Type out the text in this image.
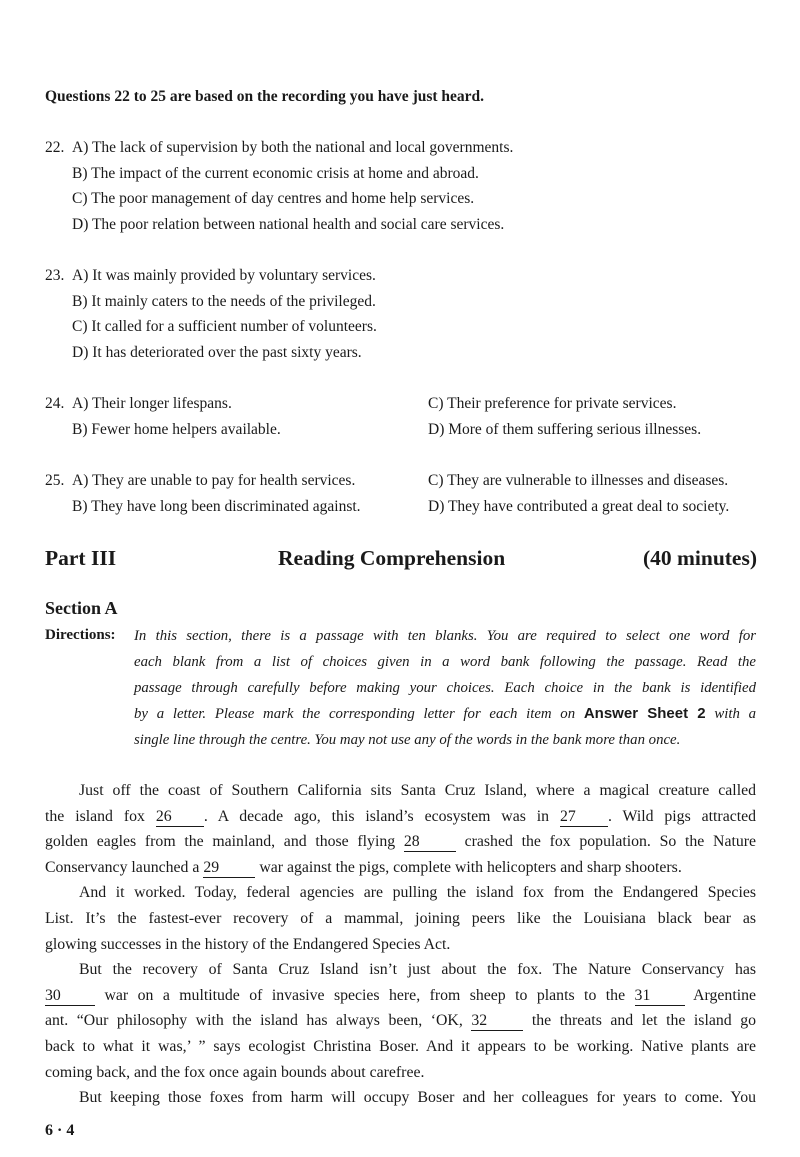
Questions 22 to 25 are based on the recording you have just heard.
22. A) The lack of supervision by both the national and local governments.
B) The impact of the current economic crisis at home and abroad.
C) The poor management of day centres and home help services.
D) The poor relation between national health and social care services.
23. A) It was mainly provided by voluntary services.
B) It mainly caters to the needs of the privileged.
C) It called for a sufficient number of volunteers.
D) It has deteriorated over the past sixty years.
24. A) Their longer lifespans.	C) Their preference for private services.
B) Fewer home helpers available.	D) More of them suffering serious illnesses.
25. A) They are unable to pay for health services.	C) They are vulnerable to illnesses and diseases.
B) They have long been discriminated against.	D) They have contributed a great deal to society.
Part III	Reading Comprehension	(40 minutes)
Section A
Directions: In this section, there is a passage with ten blanks. You are required to select one word for
each blank from a list of choices given in a word bank following the passage. Read the
passage through carefully before making your choices. Each choice in the bank is identified
by a letter. Please mark the corresponding letter for each item on Answer Sheet 2 with a
single line through the centre. You may not use any of the words in the bank more than once.
Just off the coast of Southern California sits Santa Cruz Island, where a magical creature called
the island fox 26 . A decade ago, this island’s ecosystem was in 27 . Wild pigs attracted
golden eagles from the mainland, and those flying 28	crashed the fox population. So the Nature
Conservancy launched a 29	war against the pigs, complete with helicopters and sharp shooters.
And it worked. Today, federal agencies are pulling the island fox from the Endangered Species
List. It’s the fastest-ever recovery of a mammal, joining peers like the Louisiana black bear as
glowing successes in the history of the Endangered Species Act.
But the recovery of Santa Cruz Island isn’t just about the fox. The Nature Conservancy has
30	war on a multitude of invasive species here, from sheep to plants to the 31	Argentine
ant. “Our philosophy with the island has always been, ‘OK, 32	the threats and let the island go
back to what it was,’ ” says ecologist Christina Boser. And it appears to be working. Native plants are
coming back, and the fox once again bounds about carefree.
But keeping those foxes from harm will occupy Boser and her colleagues for years to come. You
6 · 4
